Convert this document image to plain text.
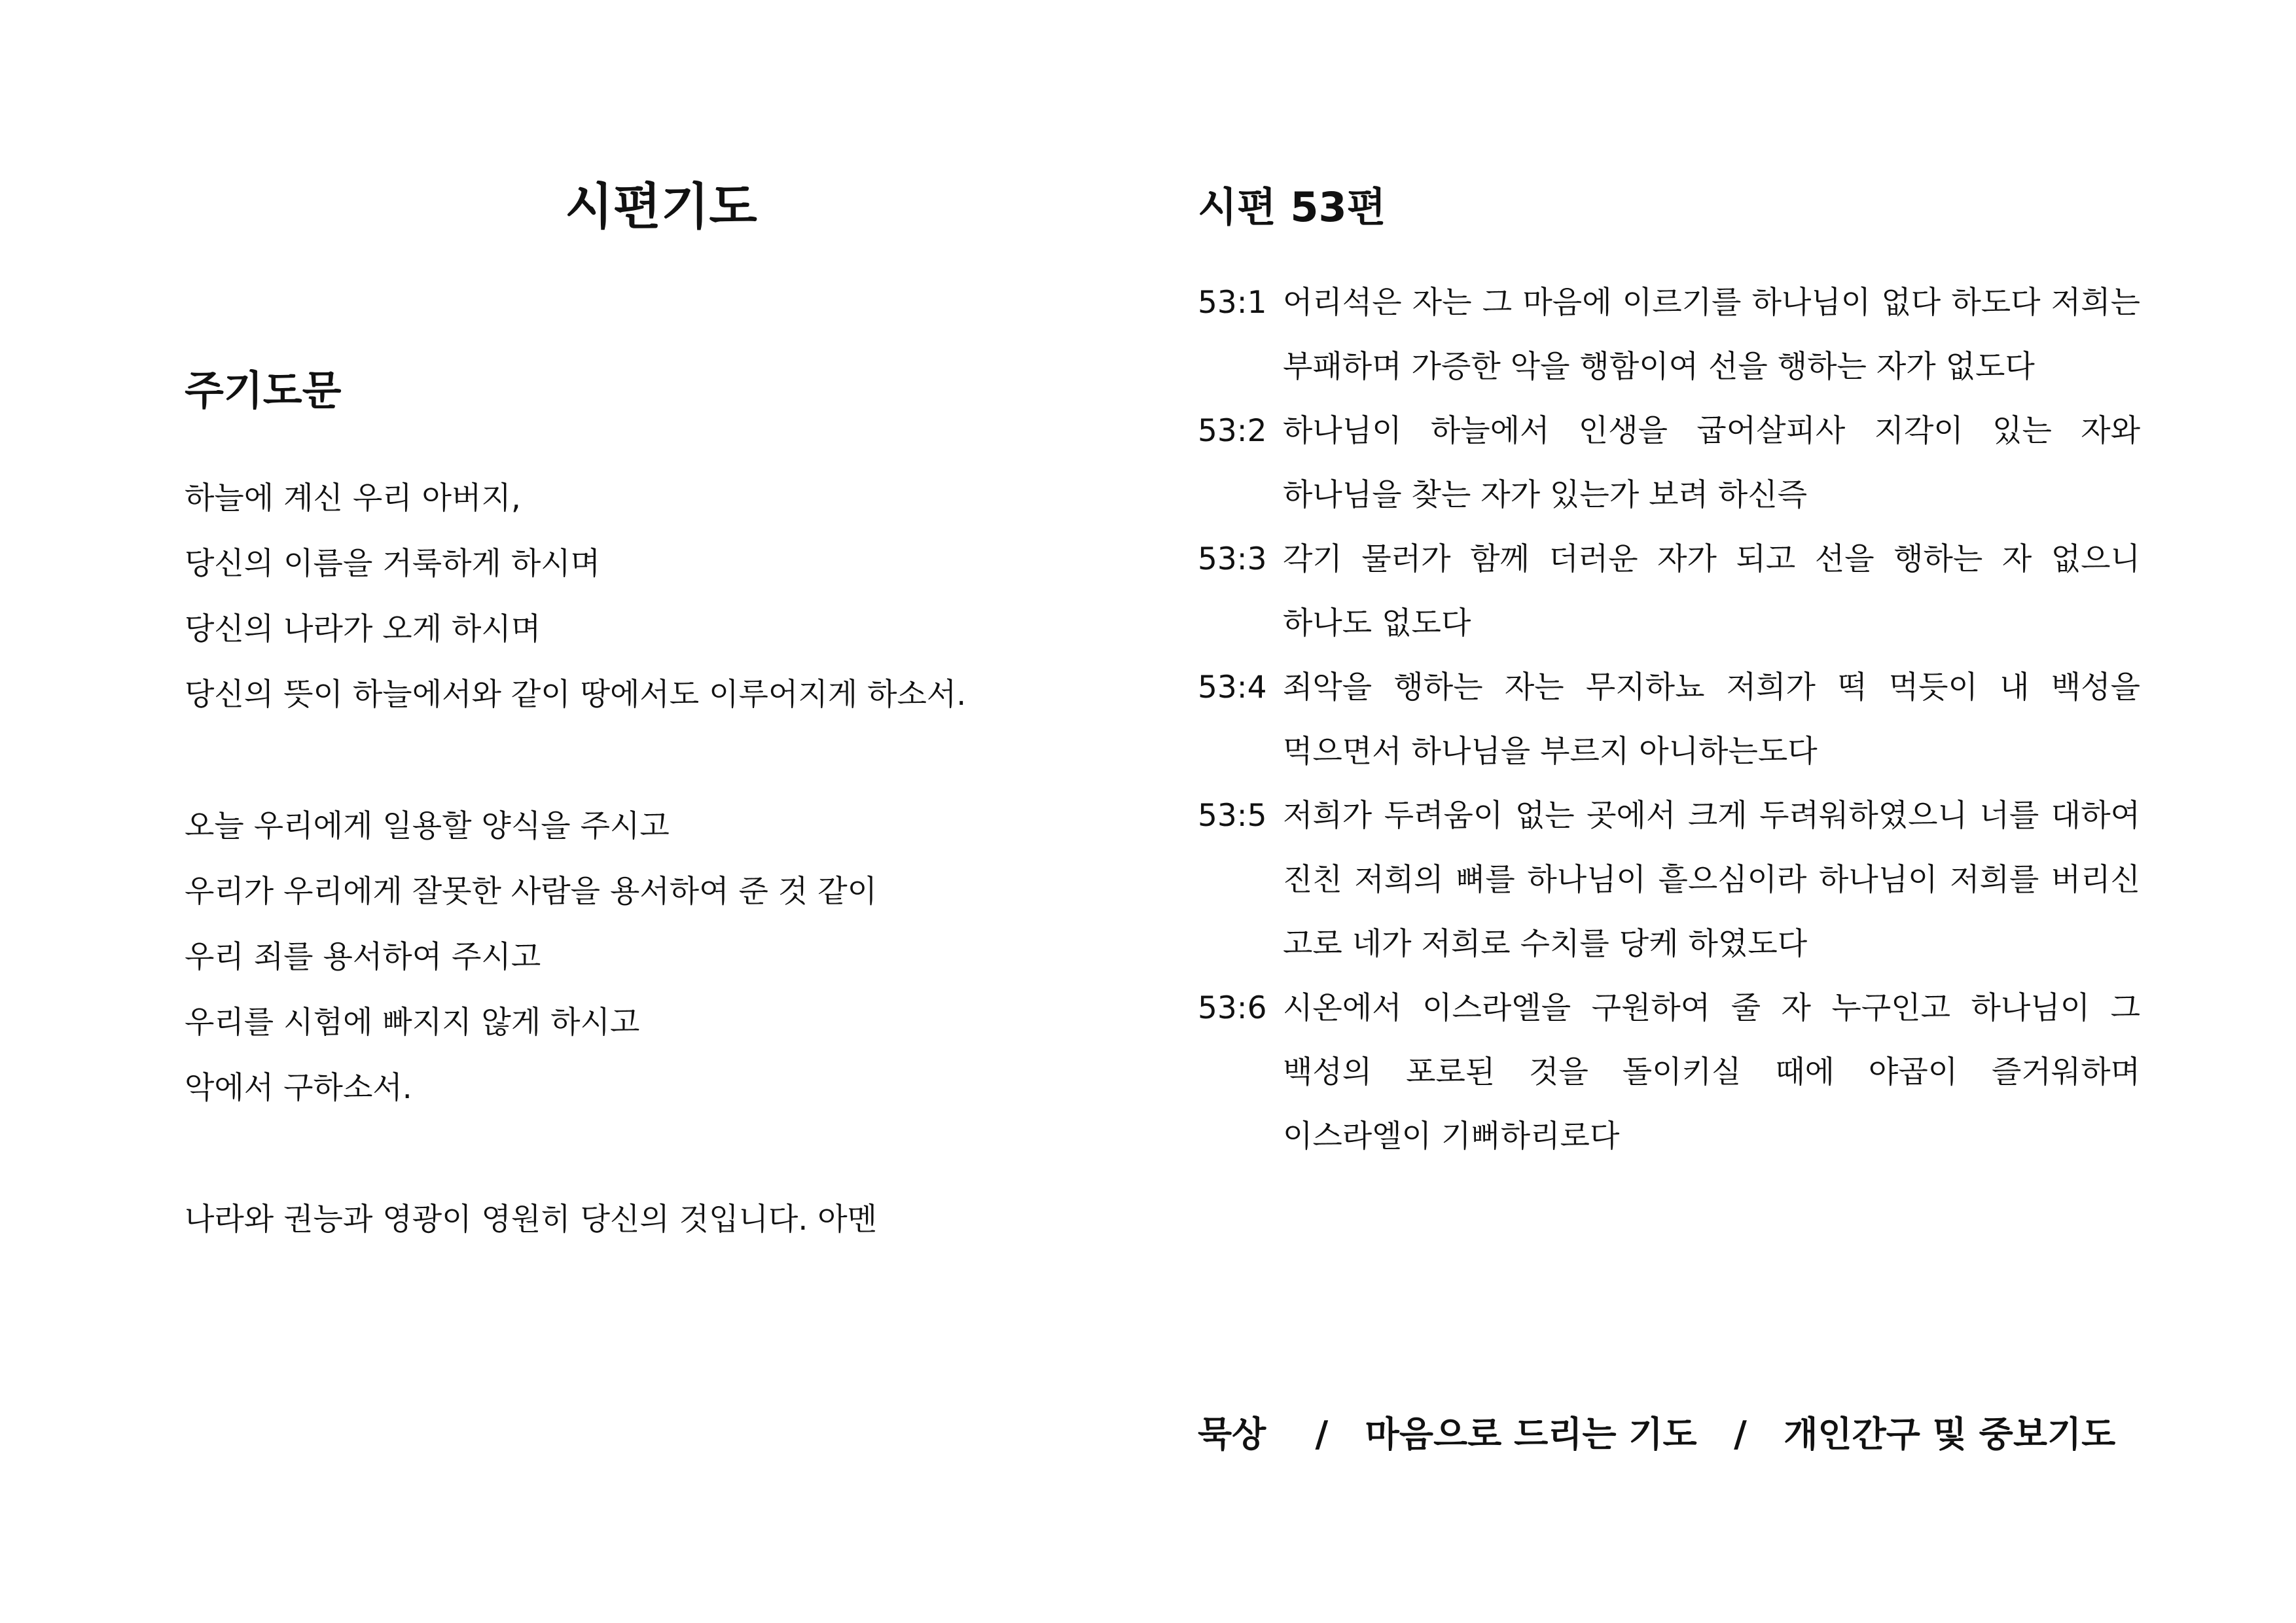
시편기도
주기도문
하늘에 계신 우리 아버지,
당신의 이름을 거룩하게 하시며
당신의 나라가 오게 하시며
당신의 뜻이 하늘에서와 같이 땅에서도 이루어지게 하소서.
오늘 우리에게 일용할 양식을 주시고
우리가 우리에게 잘못한 사람을 용서하여 준 것 같이
우리 죄를 용서하여 주시고
우리를 시험에 빠지지 않게 하시고
악에서 구하소서.
나라와 권능과 영광이 영원히 당신의 것입니다. 아멘
시편 53편
53:1 어리석은 자는 그 마음에 이르기를 하나님이 없다 하도다 저희는 부패하며 가증한 악을 행함이여 선을 행하는 자가 없도다
53:2 하나님이 하늘에서 인생을 굽어살피사 지각이 있는 자와 하나님을 찾는 자가 있는가 보려 하신즉
53:3 각기 물러가 함께 더러운 자가 되고 선을 행하는 자 없으니 하나도 없도다
53:4 죄악을 행하는 자는 무지하뇨 저희가 떡 먹듯이 내 백성을 먹으면서 하나님을 부르지 아니하는도다
53:5 저희가 두려움이 없는 곳에서 크게 두려워하였으니 너를 대하여 진친 저희의 뼈를 하나님이 흩으심이라 하나님이 저희를 버리신 고로 네가 저희로 수치를 당케 하였도다
53:6 시온에서 이스라엘을 구원하여 줄 자 누구인고 하나님이 그 백성의 포로된 것을 돌이키실 때에 야곱이 즐거워하며 이스라엘이 기뻐하리로다
묵상    /   마음으로 드리는 기도   /   개인간구 및 중보기도
